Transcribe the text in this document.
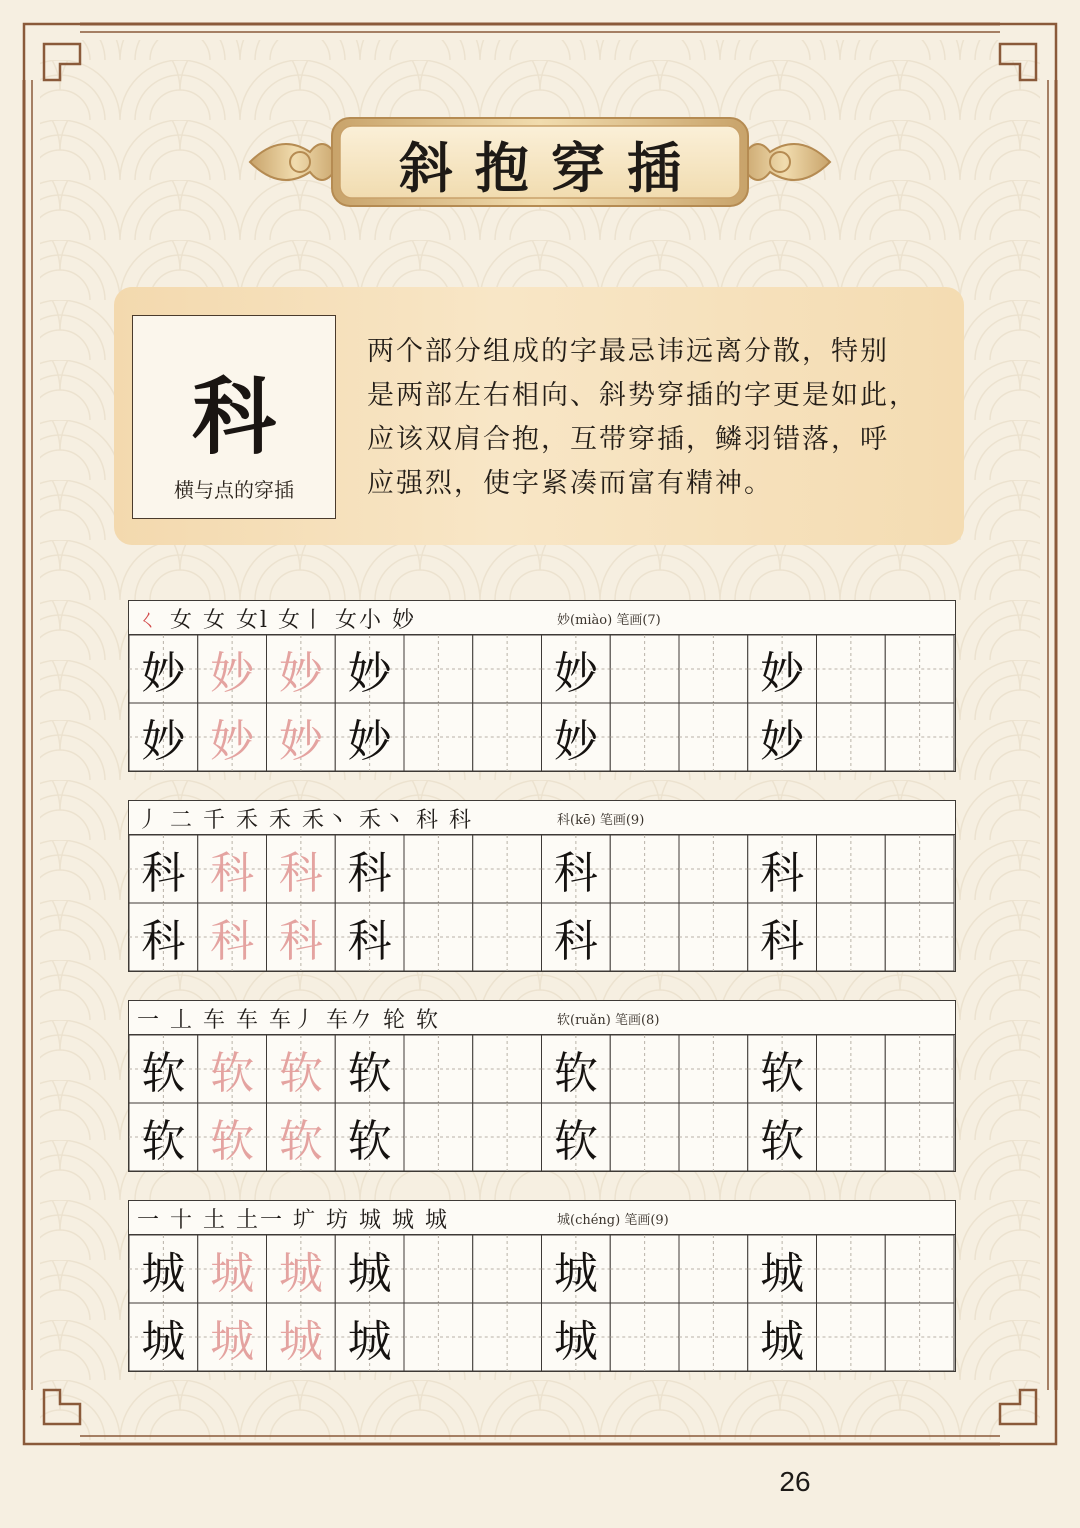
斜抱穿插
科
横与点的穿插
两个部分组成的字最忌讳远离分散，特别
是两部左右相向、斜势穿插的字更是如此，
应该双肩合抱，互带穿插，鳞羽错落，呼
应强烈，使字紧凑而富有精神。
ㄑ 女 女 女l 女丨 女小 妙	妙(miào) 笔画(7)
妙 妙 妙 妙	妙	妙
妙 妙 妙 妙	妙	妙
丿 二 千 禾 禾 禾丶 禾丶 科 科	科(kē) 笔画(9)
科 科 科 科	科	科
科 科 科 科	科	科
一 丄 车 车 车丿 车𠂊 轮 软	软(ruǎn) 笔画(8)
软 软 软 软	软	软
软 软 软 软	软	软
一 十 土 土一 圹 坊 城 城 城	城(chéng) 笔画(9)
城 城 城 城	城	城
城 城 城 城	城	城
26
